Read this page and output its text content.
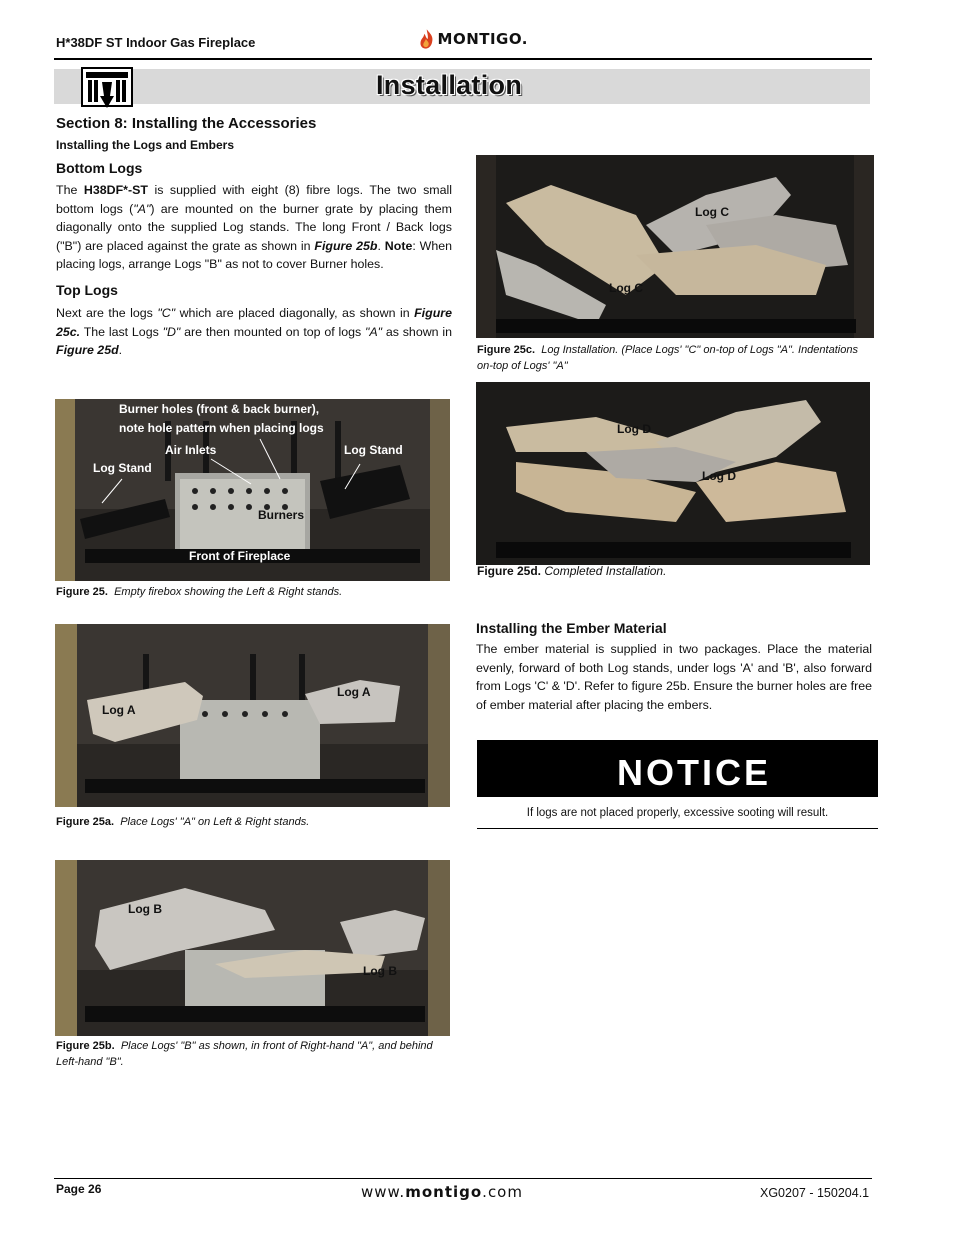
H*38DF ST Indoor Gas Fireplace	MONTIGO.
Installation
Section 8: Installing the Accessories
Installing the Logs and Embers
Bottom Logs
The H38DF*-ST is supplied with eight (8) fibre logs. The two small bottom logs ("A") are mounted on the burner grate by placing them diagonally onto the supplied Log stands. The long Front / Back logs ("B") are placed against the grate as shown in Figure 25b. Note: When placing logs, arrange Logs "B" as not to cover Burner holes.
Top Logs
Next are the logs "C" which are placed diagonally, as shown in Figure 25c. The last Logs "D" are then mounted on top of logs "A" as shown in Figure 25d.
Burner holes (front & back burner),
note hole pattern when placing logs
Air Inlets
Log Stand
Log Stand
Burners
Front of Fireplace
Figure 25. Empty firebox showing the Left & Right stands.
Log A
Log A
Figure 25a. Place Logs' "A" on Left & Right stands.
Log B
Log B
Figure 25b. Place Logs' "B" as shown, in front of Right-hand "A", and behind Left-hand "B".
Log C
Log C
Figure 25c. Log Installation. (Place Logs' "C" on-top of Logs "A". Indentations on-top of Logs' "A"
Log D
Log D
Figure 25d. Completed Installation.
Installing the Ember Material
The ember material is supplied in two packages. Place the material evenly, forward of both Log stands, under logs 'A' and 'B', also forward from Logs 'C' & 'D'. Refer to figure 25b. Ensure the burner holes are free of ember material after placing the embers.
NOTICE
If logs are not placed properly, excessive sooting will result.
Page 26	www.montigo.com	XG0207 - 150204.1
